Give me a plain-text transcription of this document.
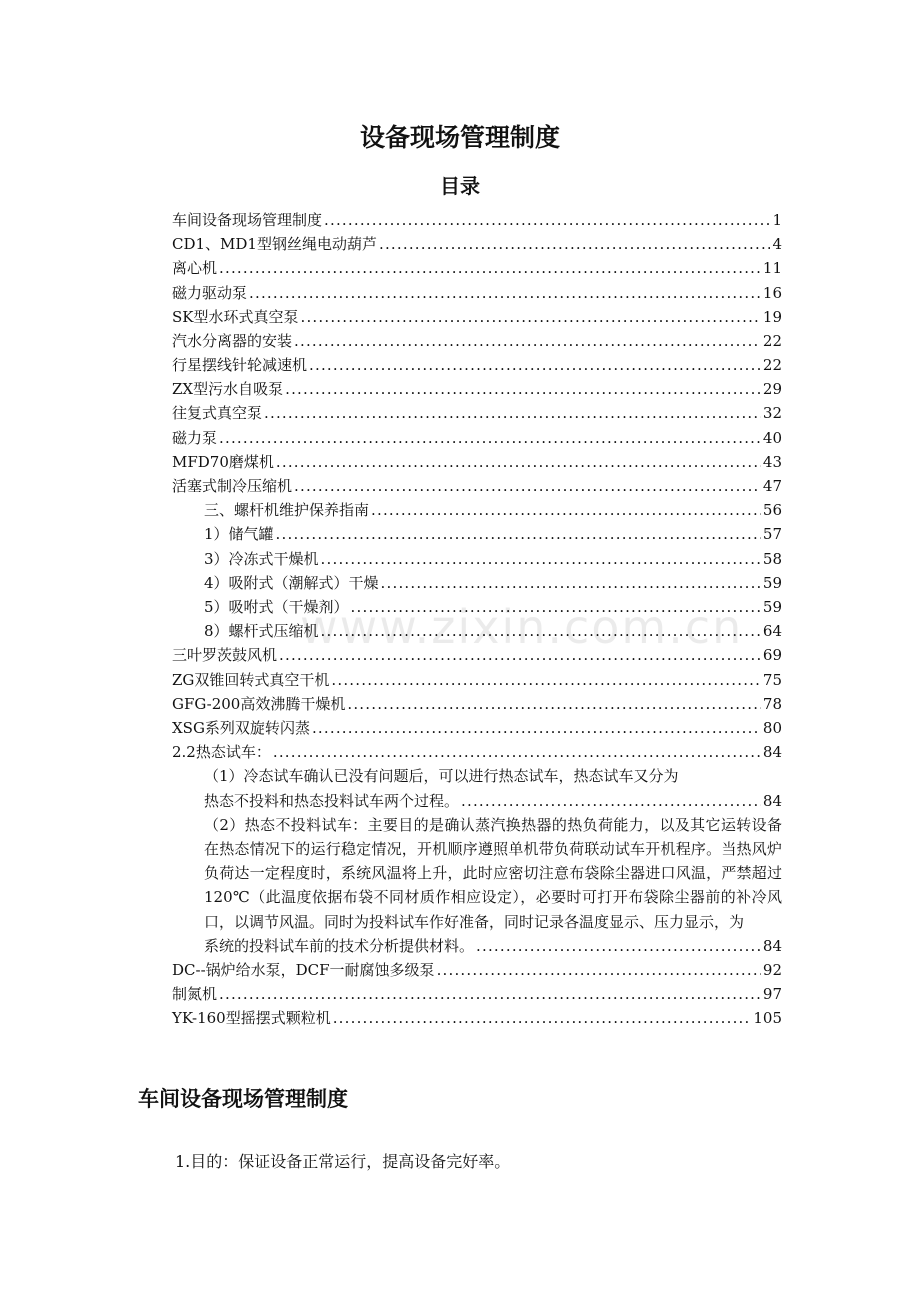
设备现场管理制度
目录
www.zixin.com.cn
车间设备现场管理制度 .....	1
CD1、MD1型钢丝绳电动葫芦 .....	4
离心机 .....	11
磁力驱动泵 .....	16
SK型水环式真空泵 .....	19
汽水分离器的安装 .....	22
行星摆线针轮减速机 .....	22
ZX型污水自吸泵 .....	29
往复式真空泵 .....	32
磁力泵 .....	40
MFD70磨煤机 .....	43
活塞式制冷压缩机 .....	47
三、螺杆机维护保养指南 .....	56
1）储气罐 .....	57
3）冷冻式干燥机 .....	58
4）吸附式（潮解式）干燥 .....	59
5）吸咐式（干燥剂） .....	59
8）螺杆式压缩机 .....	64
三叶罗茨鼓风机 .....	69
ZG双锥回转式真空干机 .....	75
GFG-200高效沸腾干燥机 .....	78
XSG系列双旋转闪蒸 .....	80
2.2热态试车： .....	84
（1）冷态试车确认已没有问题后，可以进行热态试车，热态试车又分为
热态不投料和热态投料试车两个过程。 .....	84
（2）热态不投料试车：主要目的是确认蒸汽换热器的热负荷能力，以及其它运转设备在热态情况下的运行稳定情况，开机顺序遵照单机带负荷联动试车开机程序。当热风炉负荷达一定程度时，系统风温将上升，此时应密切注意布袋除尘器进口风温，严禁超过120℃（此温度依据布袋不同材质作相应设定），必要时可打开布袋除尘器前的补冷风口，以调节风温。同时为投料试车作好准备，同时记录各温度显示、压力显示，为
系统的投料试车前的技术分析提供材料。 .....	84
DC--锅炉给水泵，DCF一耐腐蚀多级泵 .....	92
制氮机 .....	97
YK-160型摇摆式颗粒机 .....	105
车间设备现场管理制度

1.目的：保证设备正常运行，提高设备完好率。
